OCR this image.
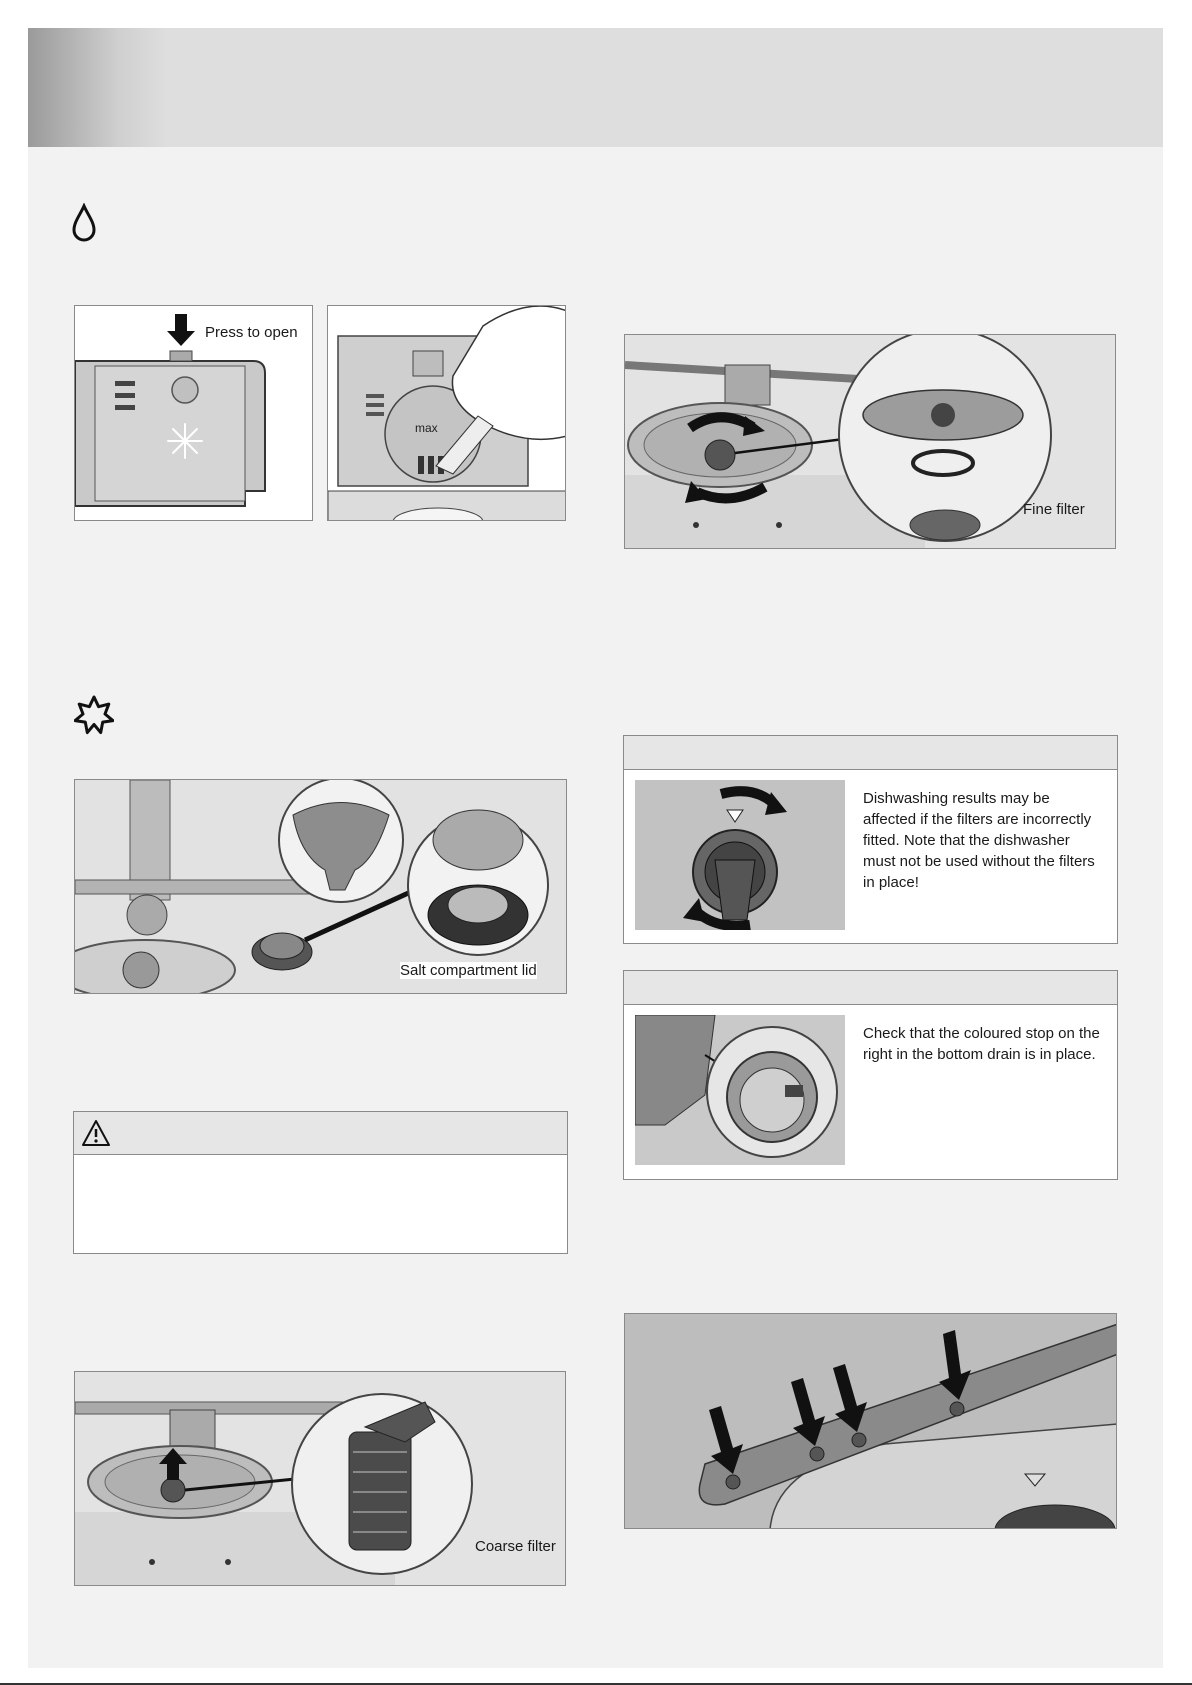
Press to open
max
Fine filter
Salt compartment lid
Coarse filter
Dishwashing results may be affected if the filters are incorrectly fitted. Note that the dishwasher must not be used without the filters in place!
Check that the coloured stop on the right in the bottom drain is in place.
